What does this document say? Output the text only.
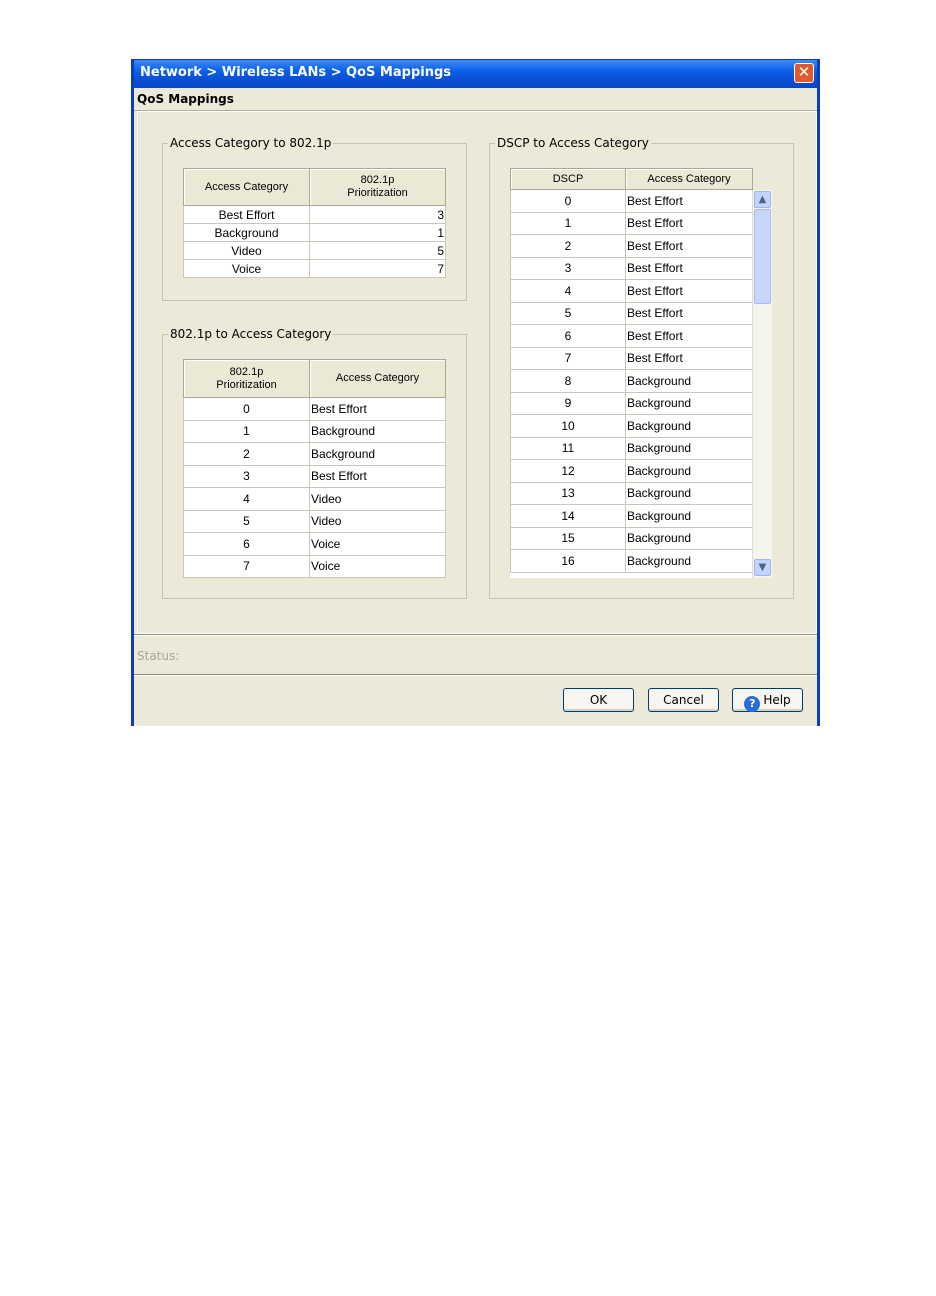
Network > Wireless LANs > QoS Mappings	✕
QoS Mappings
Access Category to 802.1p
Access Category	802.1p
Prioritization

Best Effort	3
Background	1
Video	5
Voice	7
802.1p to Access Category
802.1p
Prioritization	Access Category
0	Best Effort
1	Background
2	Background
3	Best Effort
4	Video
5	Video
6	Voice
7	Voice
DSCP to Access Category
DSCP	Access Category
0	Best Effort
1	Best Effort
2	Best Effort
3	Best Effort
4	Best Effort
5	Best Effort
6	Best Effort
7	Best Effort
8	Background
9	Background
10	Background
11	Background
12	Background
13	Background
14	Background
15	Background
16	Background
▲
▼
Status:
OK	Cancel	? Help
